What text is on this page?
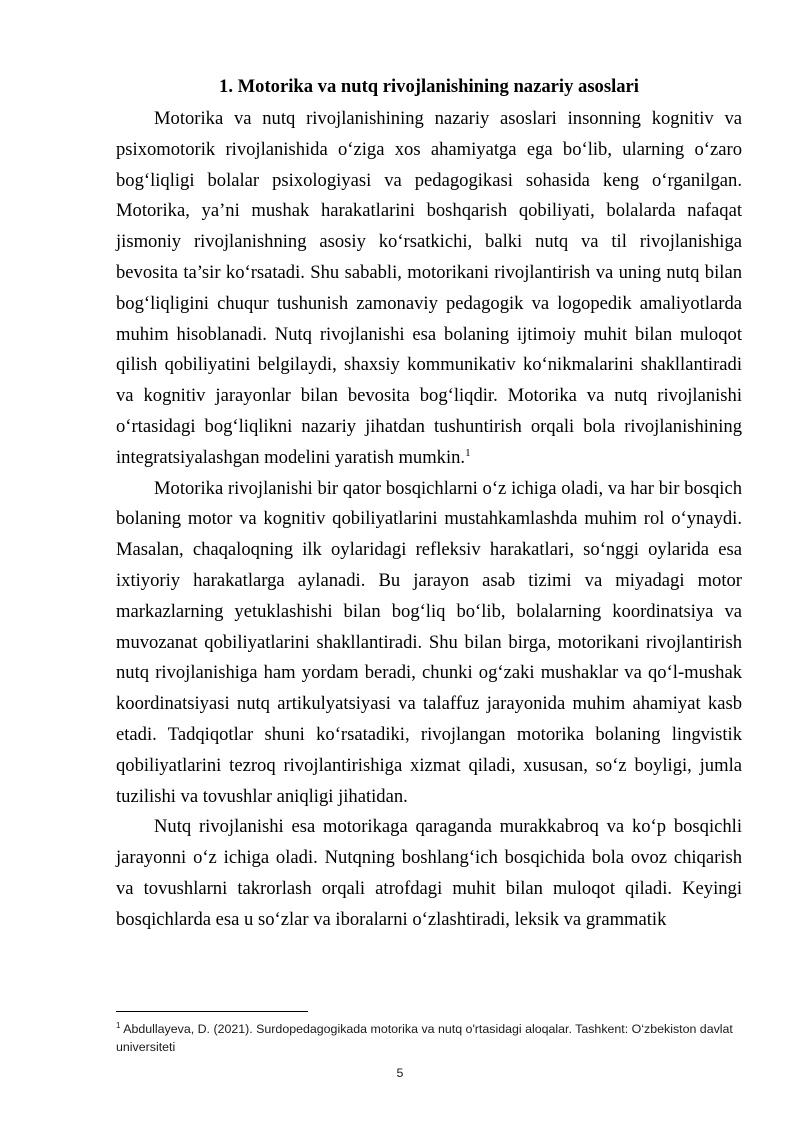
1. Motorika va nutq rivojlanishining nazariy asoslari

Motorika va nutq rivojlanishining nazariy asoslari insonning kognitiv va psixomotorik rivojlanishida o‘ziga xos ahamiyatga ega bo‘lib, ularning o‘zaro bog‘liqligi bolalar psixologiyasi va pedagogikasi sohasida keng o‘rganilgan. Motorika, ya’ni mushak harakatlarini boshqarish qobiliyati, bolalarda nafaqat jismoniy rivojlanishning asosiy ko‘rsatkichi, balki nutq va til rivojlanishiga bevosita ta’sir ko‘rsatadi. Shu sababli, motorikani rivojlantirish va uning nutq bilan bog‘liqligini chuqur tushunish zamonaviy pedagogik va logopedik amaliyotlarda muhim hisoblanadi. Nutq rivojlanishi esa bolaning ijtimoiy muhit bilan muloqot qilish qobiliyatini belgilaydi, shaxsiy kommunikativ ko‘nikmalarini shakllantiradi va kognitiv jarayonlar bilan bevosita bog‘liqdir. Motorika va nutq rivojlanishi o‘rtasidagi bog‘liqlikni nazariy jihatdan tushuntirish orqali bola rivojlanishining integratsiyalashgan modelini yaratish mumkin.$^1$

Motorika rivojlanishi bir qator bosqichlarni o‘z ichiga oladi, va har bir bosqich bolaning motor va kognitiv qobiliyatlarini mustahkamlashda muhim rol o‘ynaydi. Masalan, chaqaloqning ilk oylaridagi refleksiv harakatlari, so‘nggi oylarida esa ixtiyoriy harakatlarga aylanadi. Bu jarayon asab tizimi va miyadagi motor markazlarning yetuklashishi bilan bog‘liq bo‘lib, bolalarning koordinatsiya va muvozanat qobiliyatlarini shakllantiradi. Shu bilan birga, motorikani rivojlantirish nutq rivojlanishiga ham yordam beradi, chunki og‘zaki mushaklar va qo‘l-mushak koordinatsiyasi nutq artikulyatsiyasi va talaffuz jarayonida muhim ahamiyat kasb etadi. Tadqiqotlar shuni ko‘rsatadiki, rivojlangan motorika bolaning lingvistik qobiliyatlarini tezroq rivojlantirishiga xizmat qiladi, xususan, so‘z boyligi, jumla tuzilishi va tovushlar aniqligi jihatidan.

Nutq rivojlanishi esa motorikaga qaraganda murakkabroq va ko‘p bosqichli jarayonni o‘z ichiga oladi. Nutqning boshlang‘ich bosqichida bola ovoz chiqarish va tovushlarni takrorlash orqali atrofdagi muhit bilan muloqot qiladi. Keyingi bosqichlarda esa u so‘zlar va iboralarni o‘zlashtiradi, leksik va grammatik

$^1$ Abdullayeva, D. (2021). Surdopedagogikada motorika va nutq o'rtasidagi aloqalar. Tashkent: O‘zbekiston davlat universiteti
5
